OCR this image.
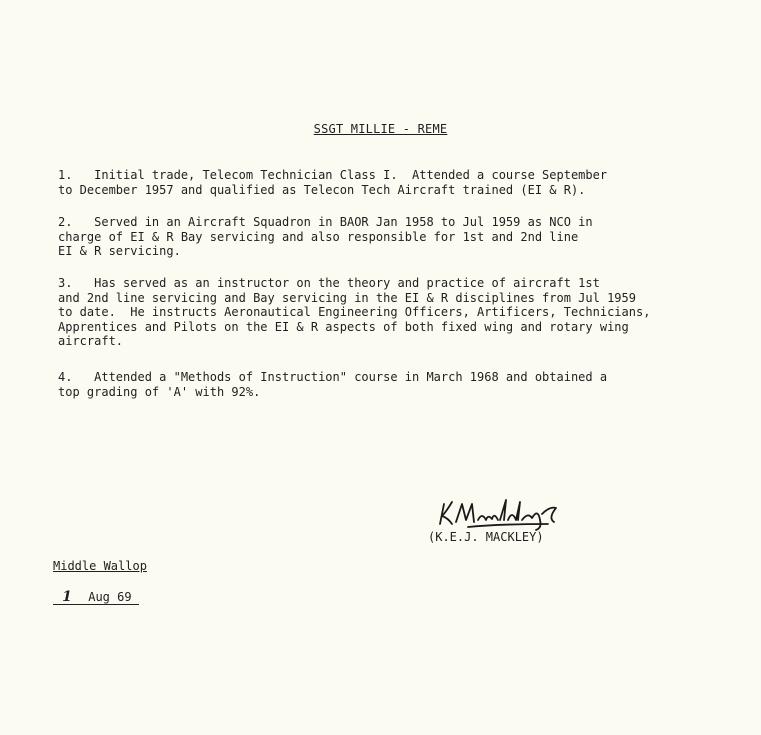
SSGT MILLIE - REME

1.   Initial trade, Telecom Technician Class I.  Attended a course September
to December 1957 and qualified as Telecon Tech Aircraft trained (EI & R).

2.   Served in an Aircraft Squadron in BAOR Jan 1958 to Jul 1959 as NCO in
charge of EI & R Bay servicing and also responsible for 1st and 2nd line
EI & R servicing.

3.   Has served as an instructor on the theory and practice of aircraft 1st
and 2nd line servicing and Bay servicing in the EI & R disciplines from Jul 1959
to date.  He instructs Aeronautical Engineering Officers, Artificers, Technicians,
Apprentices and Pilots on the EI & R aspects of both fixed wing and rotary wing
aircraft.

4.   Attended a "Methods of Instruction" course in March 1968 and obtained a
top grading of 'A' with 92%.

(K.E.J. MACKLEY)
Middle Wallop
1 Aug 69
